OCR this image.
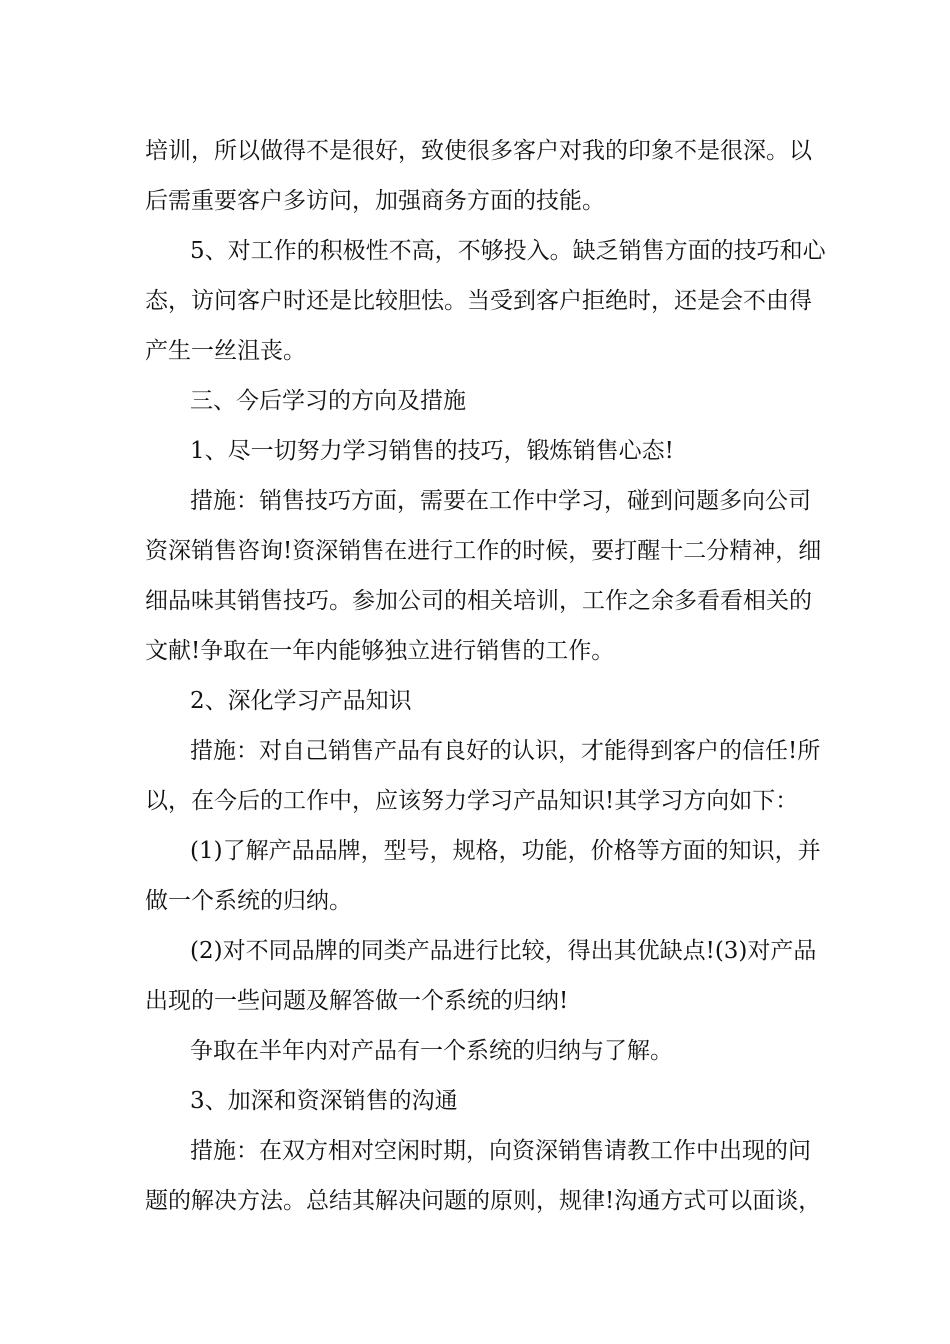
培训，所以做得不是很好，致使很多客户对我的印象不是很深。以
后需重要客户多访问，加强商务方面的技能。
5、对工作的积极性不高，不够投入。缺乏销售方面的技巧和心
态，访问客户时还是比较胆怯。当受到客户拒绝时，还是会不由得
产生一丝沮丧。
三、今后学习的方向及措施
1、尽一切努力学习销售的技巧，锻炼销售心态!
措施：销售技巧方面，需要在工作中学习，碰到问题多向公司
资深销售咨询!资深销售在进行工作的时候，要打醒十二分精神，细
细品味其销售技巧。参加公司的相关培训，工作之余多看看相关的
文献!争取在一年内能够独立进行销售的工作。
2、深化学习产品知识
措施：对自己销售产品有良好的认识，才能得到客户的信任!所
以，在今后的工作中，应该努力学习产品知识!其学习方向如下：
(1)了解产品品牌，型号，规格，功能，价格等方面的知识，并
做一个系统的归纳。
(2)对不同品牌的同类产品进行比较，得出其优缺点!(3)对产品
出现的一些问题及解答做一个系统的归纳!
争取在半年内对产品有一个系统的归纳与了解。
3、加深和资深销售的沟通
措施：在双方相对空闲时期，向资深销售请教工作中出现的问
题的解决方法。总结其解决问题的原则，规律!沟通方式可以面谈，
